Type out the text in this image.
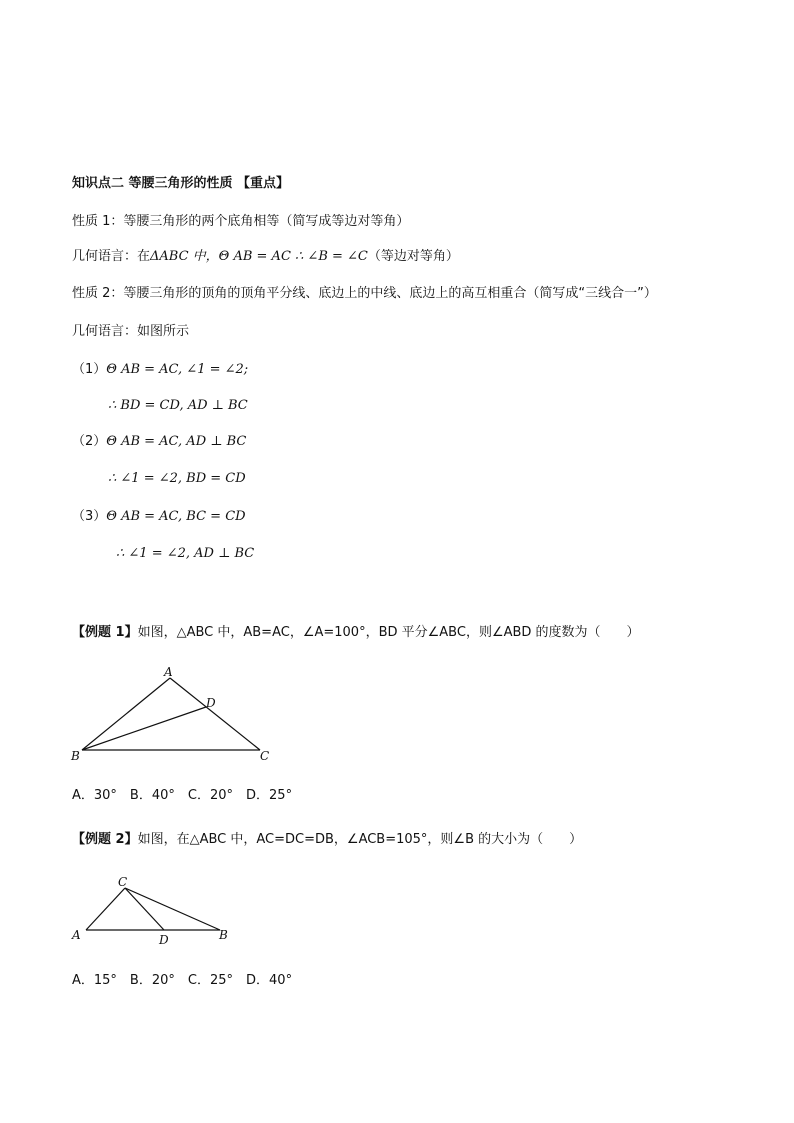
知识点二 等腰三角形的性质 【重点】
性质 1：等腰三角形的两个底角相等（简写成等边对等角）
几何语言：在ΔABC 中，Θ AB = AC ∴ ∠B = ∠C（等边对等角）
性质 2：等腰三角形的顶角的顶角平分线、底边上的中线、底边上的高互相重合（简写成“三线合一”）
几何语言：如图所示
（1）Θ AB = AC, ∠1 = ∠2;
∴ BD = CD, AD ⊥ BC
（2）Θ AB = AC, AD ⊥ BC
∴ ∠1 = ∠2, BD = CD
（3）Θ AB = AC, BC = CD
∴ ∠1 = ∠2, AD ⊥ BC
【例题 1】如图，△ABC 中，AB=AC，∠A=100°，BD 平分∠ABC，则∠ABD 的度数为（　　）
A
D
B	C
A．30°　B．40°　C．20°　D．25°
【例题 2】如图，在△ABC 中，AC=DC=DB，∠ACB=105°，则∠B 的大小为（　　）
C
A	D	B
A．15°　B．20°　C．25°　D．40°
